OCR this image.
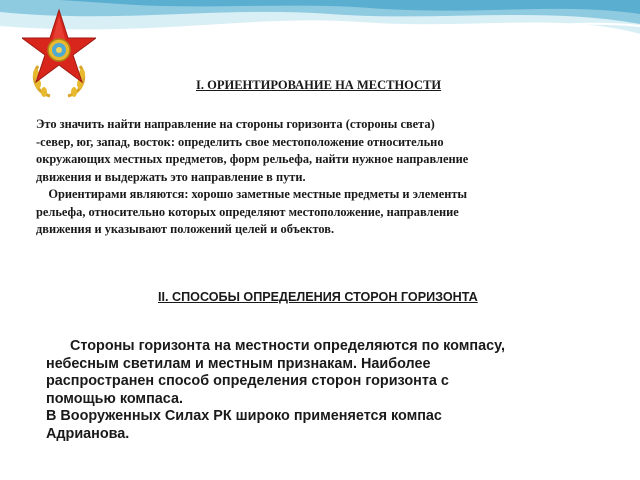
I. ОРИЕНТИРОВАНИЕ НА МЕСТНОСТИ
Это значить найти направление на стороны горизонта (стороны света)
-север, юг, запад, восток: определить свое местоположение относительно
окружающих местных предметов, форм рельефа, найти нужное направление
движения и выдержать это направление в пути.
Ориентирами являются: хорошо заметные местные предметы и элементы
рельефа, относительно которых определяют местоположение, направление
движения и указывают положений целей и объектов.
II. СПОСОБЫ ОПРЕДЕЛЕНИЯ СТОРОН ГОРИЗОНТА
Стороны горизонта на местности определяются по компасу,
небесным светилам и местным признакам. Наиболее
распространен способ определения сторон горизонта с
помощью компаса.
В Вооруженных Силах РК широко применяется компас
Адрианова.
